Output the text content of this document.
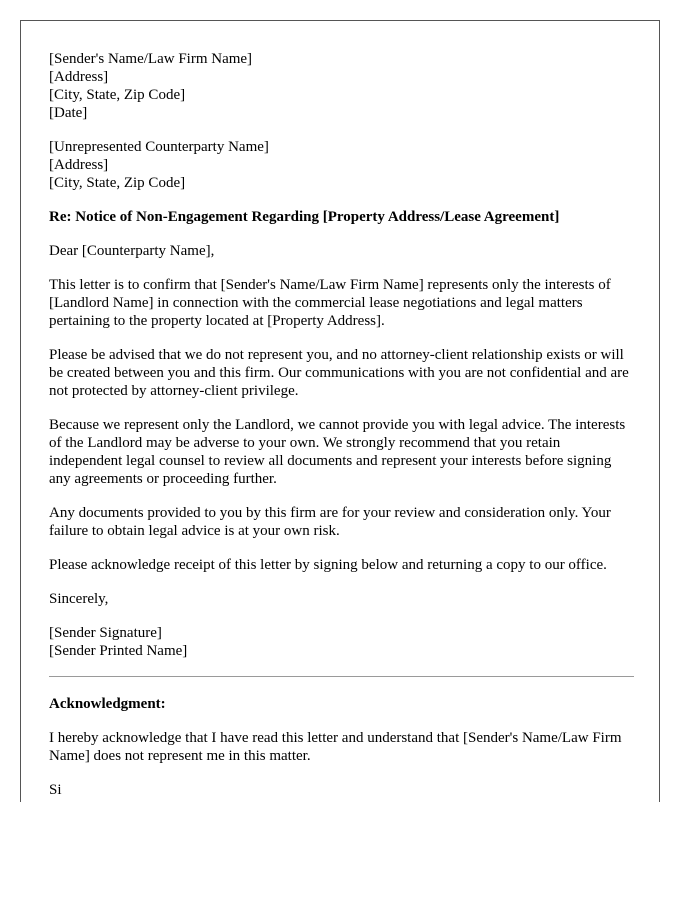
[Sender's Name/Law Firm Name]
[Address]
[City, State, Zip Code]
[Date]
[Unrepresented Counterparty Name]
[Address]
[City, State, Zip Code]
Re: Notice of Non-Engagement Regarding [Property Address/Lease Agreement]

Dear [Counterparty Name],

This letter is to confirm that [Sender's Name/Law Firm Name] represents only the interests of [Landlord Name] in connection with the commercial lease negotiations and legal matters pertaining to the property located at [Property Address].

Please be advised that we do not represent you, and no attorney-client relationship exists or will be created between you and this firm. Our communications with you are not confidential and are not protected by attorney-client privilege.

Because we represent only the Landlord, we cannot provide you with legal advice. The interests of the Landlord may be adverse to your own. We strongly recommend that you retain independent legal counsel to review all documents and represent your interests before signing any agreements or proceeding further.

Any documents provided to you by this firm are for your review and consideration only. Your failure to obtain legal advice is at your own risk.

Please acknowledge receipt of this letter by signing below and returning a copy to our office.

Sincerely,

[Sender Signature]
[Sender Printed Name]
Acknowledgment:

I hereby acknowledge that I have read this letter and understand that [Sender's Name/Law Firm Name] does not represent me in this matter.

Si
